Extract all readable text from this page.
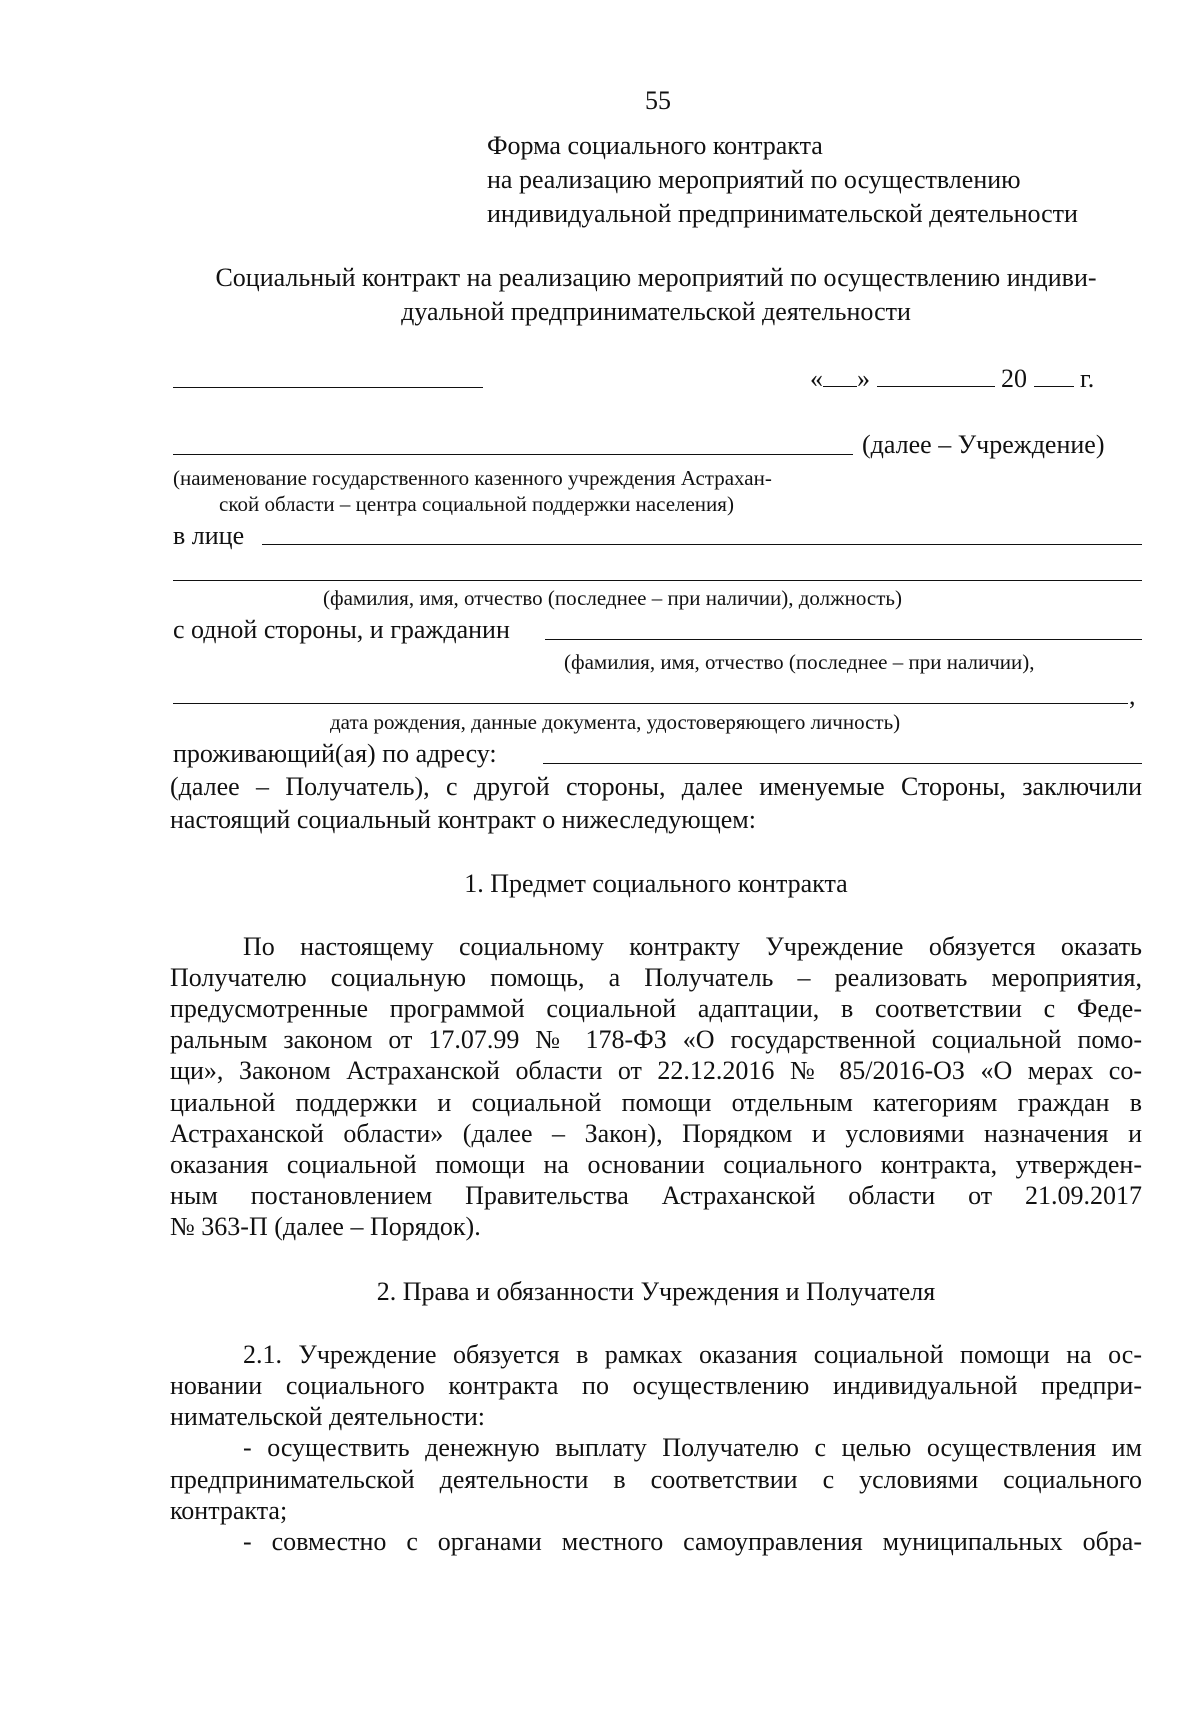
55
Форма социального контракта
на реализацию мероприятий по осуществлению
индивидуальной предпринимательской деятельности
Социальный контракт на реализацию мероприятий по осуществлению индиви-
дуальной предпринимательской деятельности
« »	20 г.
(далее – Учреждение)
(наименование государственного казенного учреждения Астрахан-
ской области – центра социальной поддержки населения)
в лице
(фамилия, имя, отчество (последнее – при наличии), должность)
с одной стороны, и гражданин
(фамилия, имя, отчество (последнее – при наличии),
,
дата рождения, данные документа, удостоверяющего личность)
проживающий(ая) по адресу:
(далее – Получатель), с другой стороны, далее именуемые Стороны, заключили
настоящий социальный контракт о нижеследующем:
1. Предмет социального контракта
По настоящему социальному контракту Учреждение обязуется оказать
Получателю социальную помощь, а Получатель – реализовать мероприятия,
предусмотренные программой социальной адаптации, в соответствии с Феде-
ральным законом от 17.07.99 № 178-ФЗ «О государственной социальной помо-
щи», Законом Астраханской области от 22.12.2016 № 85/2016-ОЗ «О мерах со-
циальной поддержки и социальной помощи отдельным категориям граждан в
Астраханской области» (далее – Закон), Порядком и условиями назначения и
оказания социальной помощи на основании социального контракта, утвержден-
ным постановлением Правительства Астраханской области от 21.09.2017
№ 363-П (далее – Порядок).
2. Права и обязанности Учреждения и Получателя
2.1. Учреждение обязуется в рамках оказания социальной помощи на ос-
новании социального контракта по осуществлению индивидуальной предпри-
нимательской деятельности:
- осуществить денежную выплату Получателю с целью осуществления им
предпринимательской деятельности в соответствии с условиями социального
контракта;
- совместно с органами местного самоуправления муниципальных обра-
